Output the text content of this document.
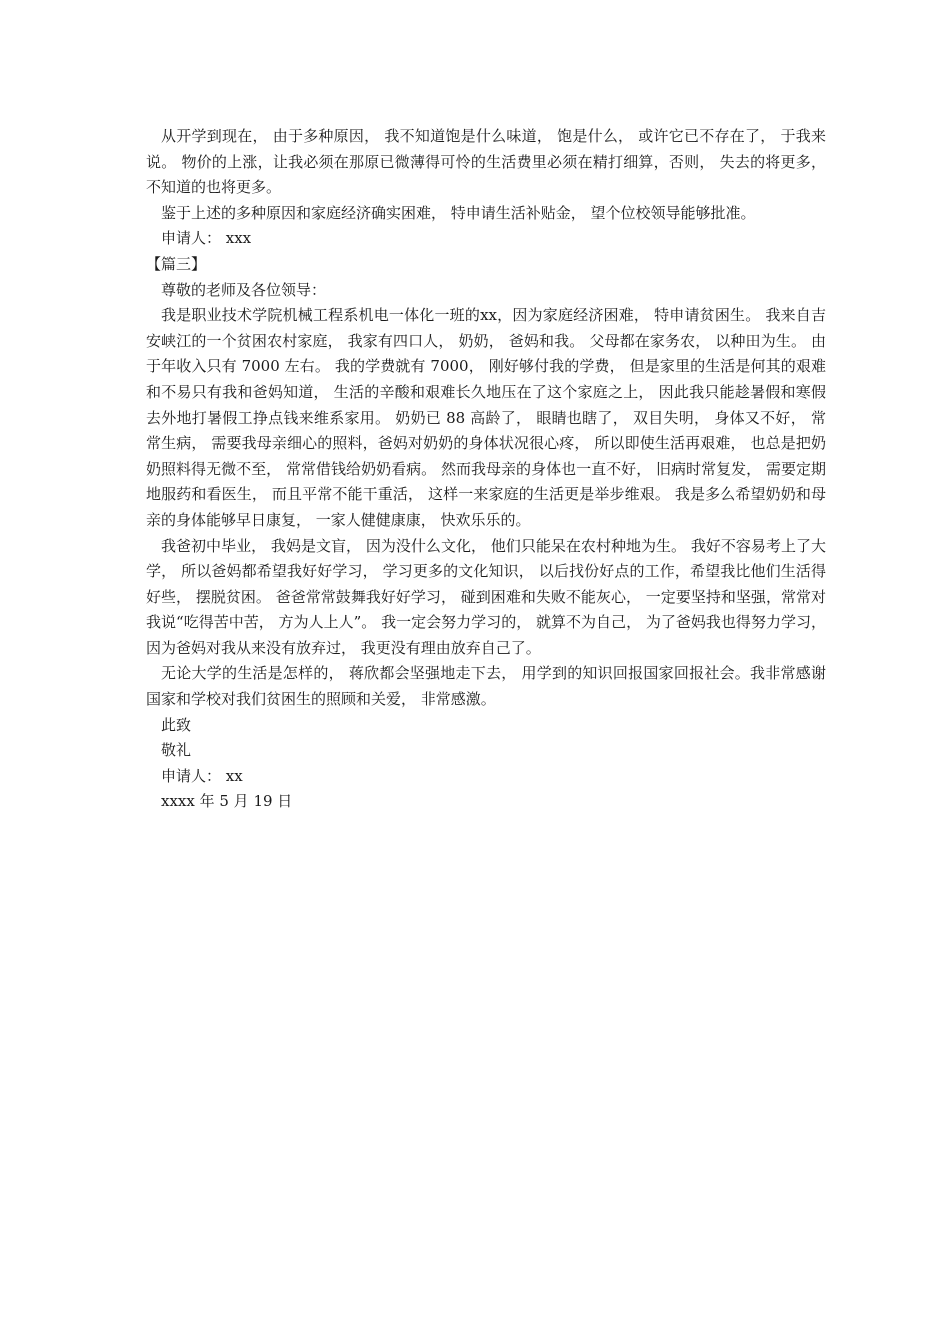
从开学到现在， 由于多种原因， 我不知道饱是什么味道， 饱是什么， 或许它已不存在了， 于我来说。 物价的上涨，让我必须在那原已微薄得可怜的生活费里必须在精打细算，否则， 失去的将更多， 不知道的也将更多。

鉴于上述的多种原因和家庭经济确实困难， 特申请生活补贴金， 望个位校领导能够批准。

申请人： xxx

【篇三】

尊敬的老师及各位领导：

我是职业技术学院机械工程系机电一体化一班的xx，因为家庭经济困难， 特申请贫困生。 我来自吉安峡江的一个贫困农村家庭， 我家有四口人， 奶奶， 爸妈和我。 父母都在家务农， 以种田为生。 由于年收入只有 7000 左右。 我的学费就有 7000， 刚好够付我的学费， 但是家里的生活是何其的艰难和不易只有我和爸妈知道， 生活的辛酸和艰难长久地压在了这个家庭之上， 因此我只能趁暑假和寒假去外地打暑假工挣点钱来维系家用。 奶奶已 88 高龄了， 眼睛也瞎了， 双目失明， 身体又不好， 常常生病， 需要我母亲细心的照料，爸妈对奶奶的身体状况很心疼， 所以即使生活再艰难， 也总是把奶奶照料得无微不至， 常常借钱给奶奶看病。 然而我母亲的身体也一直不好， 旧病时常复发， 需要定期地服药和看医生， 而且平常不能干重活， 这样一来家庭的生活更是举步维艰。 我是多么希望奶奶和母亲的身体能够早日康复， 一家人健健康康， 快欢乐乐的。

我爸初中毕业， 我妈是文盲， 因为没什么文化， 他们只能呆在农村种地为生。 我好不容易考上了大学， 所以爸妈都希望我好好学习， 学习更多的文化知识， 以后找份好点的工作，希望我比他们生活得好些， 摆脱贫困。 爸爸常常鼓舞我好好学习， 碰到困难和失败不能灰心， 一定要坚持和坚强，常常对我说“吃得苦中苦， 方为人上人”。 我一定会努力学习的， 就算不为自己， 为了爸妈我也得努力学习， 因为爸妈对我从来没有放弃过， 我更没有理由放弃自己了。

无论大学的生活是怎样的， 蒋欣都会坚强地走下去， 用学到的知识回报国家回报社会。我非常感谢国家和学校对我们贫困生的照顾和关爱， 非常感激。

此致

敬礼

申请人： xx

xxxx 年 5 月 19 日
